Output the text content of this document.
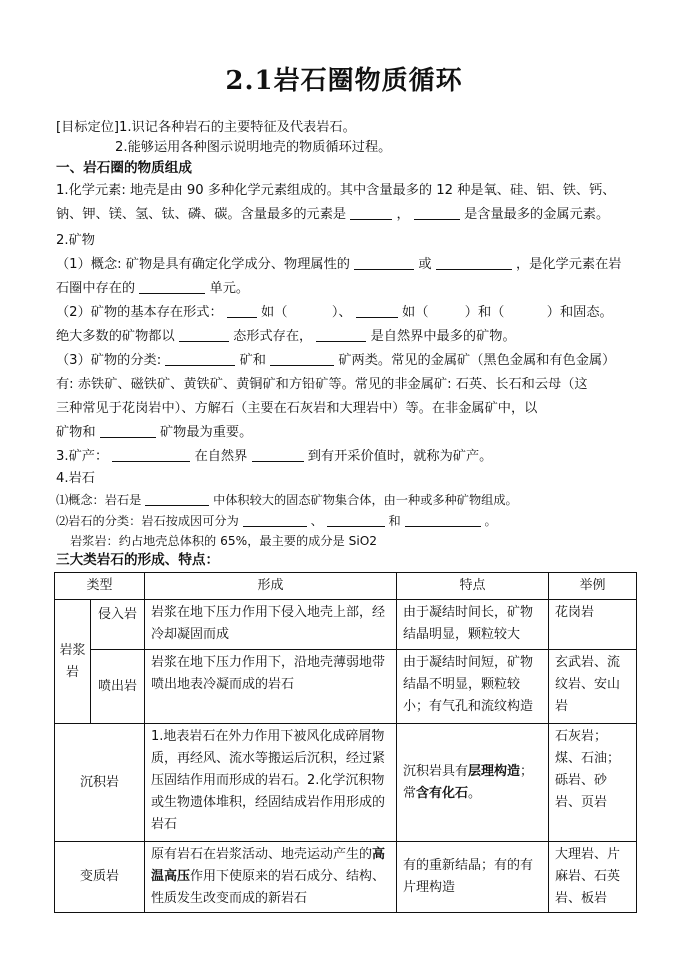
2.1岩石圈物质循环
[目标定位]1.识记各种岩石的主要特征及代表岩石。
2.能够运用各种图示说明地壳的物质循环过程。
一、岩石圈的物质组成
1.化学元素: 地壳是由 90 多种化学元素组成的。其中含量最多的 12 种是氧、硅、铝、铁、钙、
钠、钾、镁、氢、钛、磷、碳。含量最多的元素是	，	是含量最多的金属元素。
2.矿物
（1）概念: 矿物是具有确定化学成分、物理属性的	或	，是化学元素在岩
石圈中存在的	单元。
（2）矿物的基本存在形式：	如（	）、	如（	）和（	）和固态。
绝大多数的矿物都以	态形式存在，	是自然界中最多的矿物。
（3）矿物的分类:	矿和	矿两类。常见的金属矿（黑色金属和有色金属）
有: 赤铁矿、磁铁矿、黄铁矿、黄铜矿和方铅矿等。常见的非金属矿: 石英、长石和云母（这
三种常见于花岗岩中）、方解石（主要在石灰岩和大理岩中）等。在非金属矿中，以
矿物和	矿物最为重要。
3.矿产：	在自然界	到有开采价值时，就称为矿产。
4.岩石
⑴概念：岩石是	中体积较大的固态矿物集合体，由一种或多种矿物组成。
⑵岩石的分类：岩石按成因可分为	、	和	。
岩浆岩：约占地壳总体积的 65%，最主要的成分是 SiO2
三大类岩石的形成、特点：
类型		形成	特点	举例
岩浆岩	侵入岩	岩浆在地下压力作用下侵入地壳上部，经冷却凝固而成	由于凝结时间长，矿物结晶明显，颗粒较大	花岗岩
	喷出岩	岩浆在地下压力作用下，沿地壳薄弱地带喷出地表冷凝而成的岩石	由于凝结时间短，矿物结晶不明显，颗粒较小；有气孔和流纹构造	玄武岩、流纹岩、安山岩
沉积岩		1.地表岩石在外力作用下被风化成碎屑物质，再经风、流水等搬运后沉积，经过紧压固结作用而形成的岩石。2.化学沉积物或生物遗体堆积，经固结成岩作用形成的岩石	沉积岩具有层理构造；常含有化石。	石灰岩；煤、石油；砾岩、砂岩、页岩
变质岩		原有岩石在岩浆活动、地壳运动产生的高温高压作用下使原来的岩石成分、结构、性质发生改变而成的新岩石	有的重新结晶；有的有片理构造	大理岩、片麻岩、石英岩、板岩
